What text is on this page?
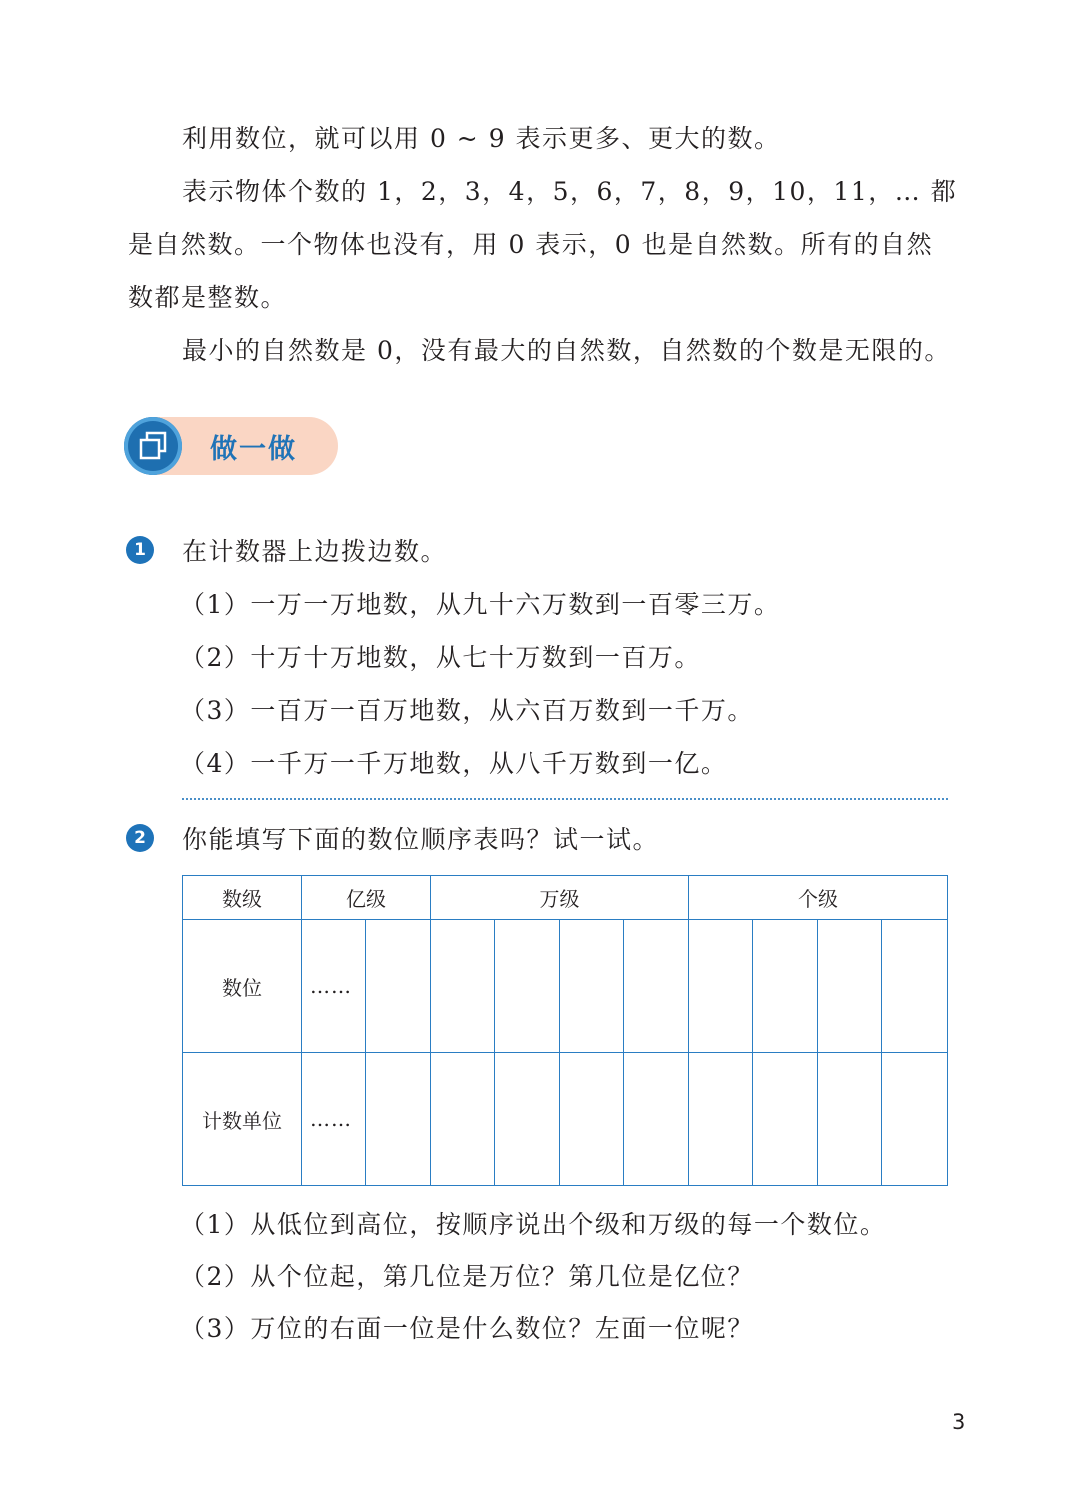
利用数位，就可以用 0 ~ 9 表示更多、更大的数。

表示物体个数的 1，2，3，4，5，6，7，8，9，10，11，… 都是自然数。一个物体也没有，用 0 表示，0 也是自然数。所有的自然数都是整数。

最小的自然数是 0，没有最大的自然数，自然数的个数是无限的。

做一做
1	在计数器上边拨边数。

（1）一万一万地数，从九十六万数到一百零三万。

（2）十万十万地数，从七十万数到一百万。

（3）一百万一百万地数，从六百万数到一千万。

（4）一千万一千万地数，从八千万数到一亿。

2	你能填写下面的数位顺序表吗？试一试。

数级	亿级		万级				个级			
数位	……									
计数单位	……									

（1）从低位到高位，按顺序说出个级和万级的每一个数位。

（2）从个位起，第几位是万位？第几位是亿位？

（3）万位的右面一位是什么数位？左面一位呢？

3
